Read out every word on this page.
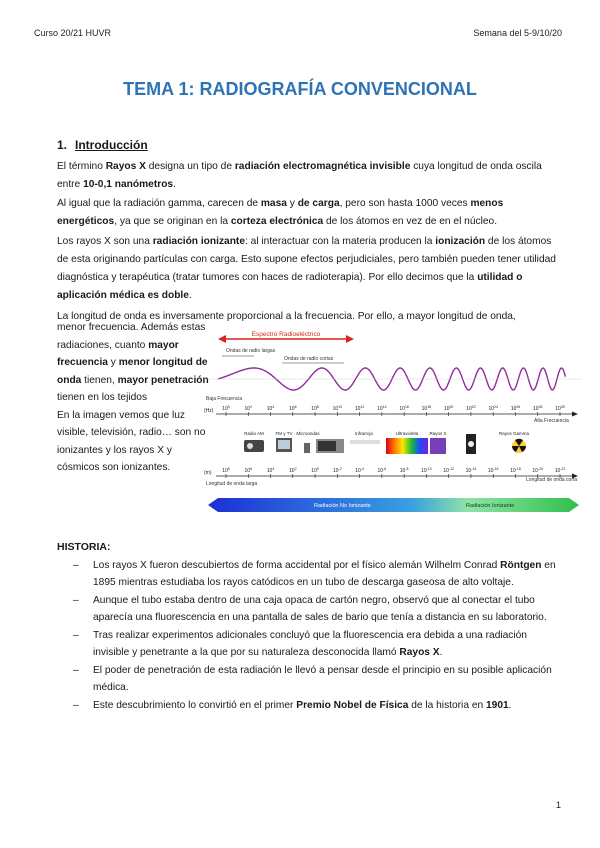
Curso 20/21 HUVR	Semana del 5-9/10/20
TEMA 1: RADIOGRAFÍA CONVENCIONAL
1. Introducción

El término Rayos X designa un tipo de radiación electromagnética invisible cuya longitud de onda oscila entre 10-0,1 nanómetros.

Al igual que la radiación gamma, carecen de masa y de carga, pero son hasta 1000 veces menos energéticos, ya que se originan en la corteza electrónica de los átomos en vez de en el núcleo.

Los rayos X son una radiación ionizante: al interactuar con la materia producen la ionización de los átomos de esta originando partículas con carga. Esto supone efectos perjudiciales, pero también pueden tener utilidad diagnóstica y terapéutica (tratar tumores con haces de radioterapia). Por ello decimos que la utilidad o aplicación médica es doble.

La longitud de onda es inversamente proporcional a la frecuencia. Por ello, a mayor longitud de onda,

menor frecuencia. Además estas radiaciones, cuanto mayor frecuencia y menor longitud de onda tienen, mayor penetración tienen en los tejidos

En la imagen vemos que luz visible, televisión, radio… son no ionizantes y los rayos X y cósmicos son ionizantes.

Espectro Radioeléctrico
Ondas de radio largas
Ondas de radio cortas
Baja Frecuencia
Alta Frecuencia
(Hz) $10^0$	$10^2$	$10^4$	$10^6$	$10^8$	$10^{10}$	$10^{12}$	$10^{14}$	$10^{16}$	$10^{18}$	$10^{20}$	$10^{22}$	$10^{24}$	$10^{26}$	$10^{28}$	$10^{30}$
Radio AM	FM y TV Microondas	Infrarrojo	Ultravioleta Rayos X	Rayos Gamma
(m) $10^8$	$10^6$	$10^4$	$10^2$	$10^0$	$10^{-2}$	$10^{-4}$	$10^{-6}$	$10^{-8}$	$10^{-10}$ $10^{-12}$ $10^{-14}$ $10^{-16}$ $10^{-18}$ $10^{-20}$ $10^{-22}$
Longitud de onda larga
Longitud de onda corta
Radiación No Ionizante	Radiación Ionizante
HISTORIA:
– Los rayos X fueron descubiertos de forma accidental por el físico alemán Wilhelm Conrad Röntgen en 1895 mientras estudiaba los rayos catódicos en un tubo de descarga gaseosa de alto voltaje.
– Aunque el tubo estaba dentro de una caja opaca de cartón negro, observó que al conectar el tubo aparecía una fluorescencia en una pantalla de sales de bario que tenía a distancia en su laboratorio.
– Tras realizar experimentos adicionales concluyó que la fluorescencia era debida a una radiación invisible y penetrante a la que por su naturaleza desconocida llamó Rayos X.
– El poder de penetración de esta radiación le llevó a pensar desde el principio en su posible aplicación médica.
– Este descubrimiento lo convirtió en el primer Premio Nobel de Física de la historia en 1901.
1
